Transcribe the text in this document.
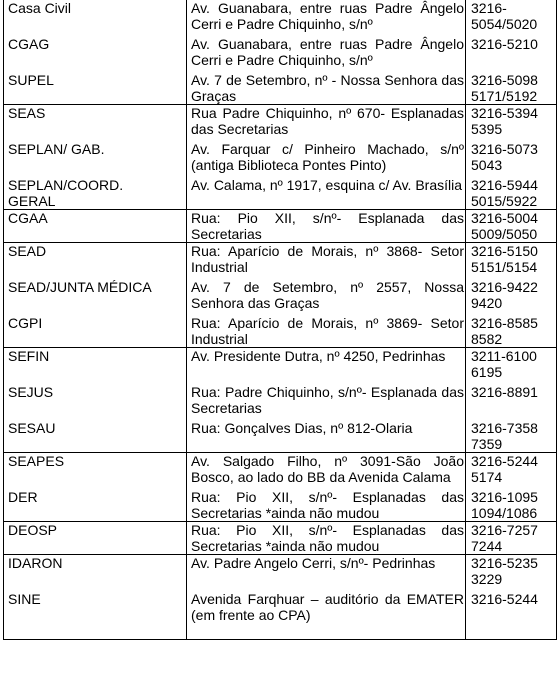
Casa Civil	Av. Guanabara, entre ruas Padre Ângelo Cerri e Padre Chiquinho, s/nº	3216-
5054/5020
CGAG	Av. Guanabara, entre ruas Padre Ângelo Cerri e Padre Chiquinho, s/nº	3216-5210
SUPEL	Av. 7 de Setembro, nº - Nossa Senhora das Graças	3216-5098
5171/5192
SEAS	Rua Padre Chiquinho, nº 670- Esplanadas das Secretarias	3216-5394
5395
SEPLAN/ GAB.	Av. Farquar c/ Pinheiro Machado, s/nº (antiga Biblioteca Pontes Pinto)	3216-5073
5043
SEPLAN/COORD.
GERAL	Av. Calama, nº 1917, esquina c/ Av. Brasília	3216-5944
5015/5922
CGAA	Rua: Pio XII, s/nº- Esplanada das Secretarias	3216-5004
5009/5050
SEAD	Rua: Aparício de Morais, nº 3868- Setor Industrial	3216-5150
5151/5154
SEAD/JUNTA MÉDICA	Av. 7 de Setembro, nº 2557, Nossa Senhora das Graças	3216-9422
9420
CGPI	Rua: Aparício de Morais, nº 3869- Setor Industrial	3216-8585
8582
SEFIN	Av. Presidente Dutra, nº 4250, Pedrinhas	3211-6100
6195
SEJUS	Rua: Padre Chiquinho, s/nº- Esplanada das Secretarias	3216-8891
SESAU	Rua: Gonçalves Dias, nº 812-Olaria	3216-7358
7359
SEAPES	Av. Salgado Filho, nº 3091-São João Bosco, ao lado do BB da Avenida Calama	3216-5244
5174
DER	Rua: Pio XII, s/nº- Esplanadas das Secretarias *ainda não mudou	3216-1095
1094/1086
DEOSP	Rua: Pio XII, s/nº- Esplanadas das Secretarias *ainda não mudou	3216-7257
7244
IDARON	Av. Padre Angelo Cerri, s/nº- Pedrinhas	3216-5235
3229
SINE	Avenida Farqhuar – auditório da EMATER (em frente ao CPA)	3216-5244
